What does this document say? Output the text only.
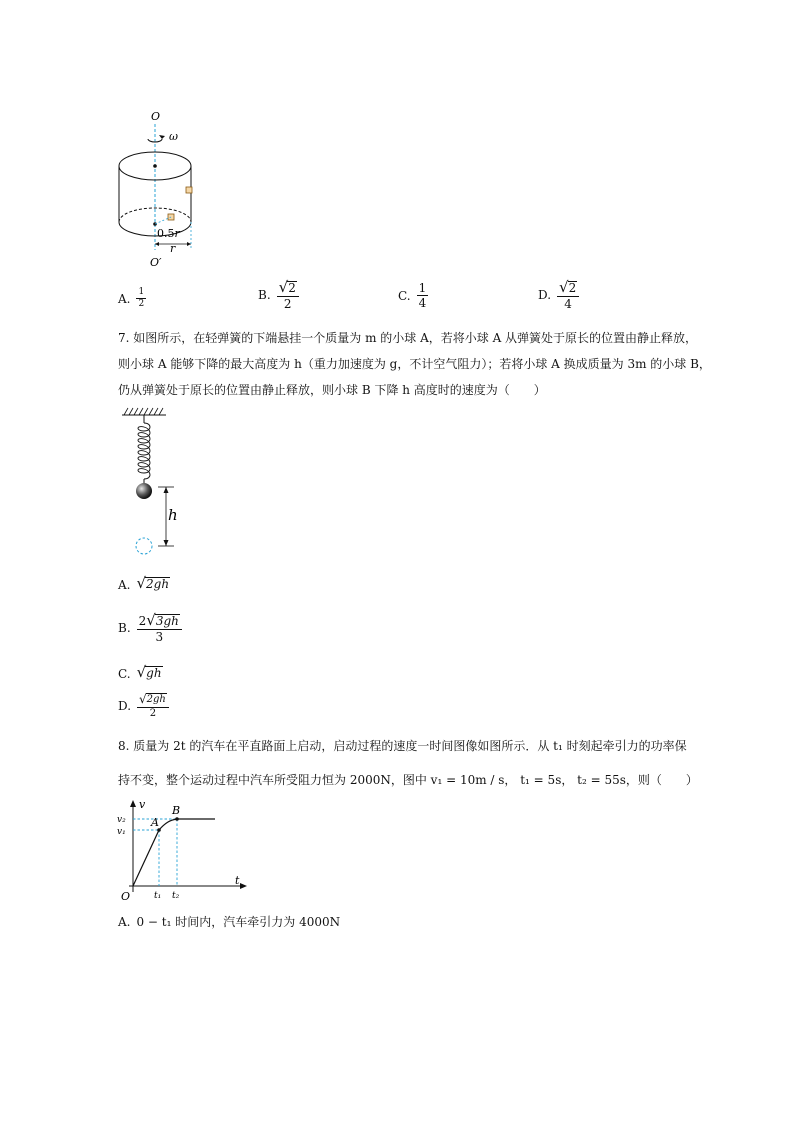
O
ω
0.5r
r
O′
A. $\frac{1}{2}$	B. $\frac{√ 2}{2}$	C. $\frac{1}{4}$	D. $\frac{√ 2}{4}$
7. 如图所示，在轻弹簧的下端悬挂一个质量为 m 的小球 A，若将小球 A 从弹簧处于原长的位置由静止释放，
则小球 A 能够下降的最大高度为 h（重力加速度为 g，不计空气阻力）；若将小球 A 换成质量为 3m 的小球 B，
仍从弹簧处于原长的位置由静止释放，则小球 B 下降 h 高度时的速度为（　　）
h
A. √ 2gh
B. $\frac{2 √ 3gh}{3}$
C. √ gh
D. $\frac{√ 2gh}{2}$
8. 质量为 2t 的汽车在平直路面上启动，启动过程的速度一时间图像如图所示．从 t₁ 时刻起牵引力的功率保
持不变，整个运动过程中汽车所受阻力恒为 2000N，图中 v₁ = 10m / s， t₁ = 5s， t₂ = 55s，则（　　）
v
t
O
A
B
v₂
v₁
t₁ t₂
A. 0 − t₁ 时间内，汽车牵引力为 4000N
